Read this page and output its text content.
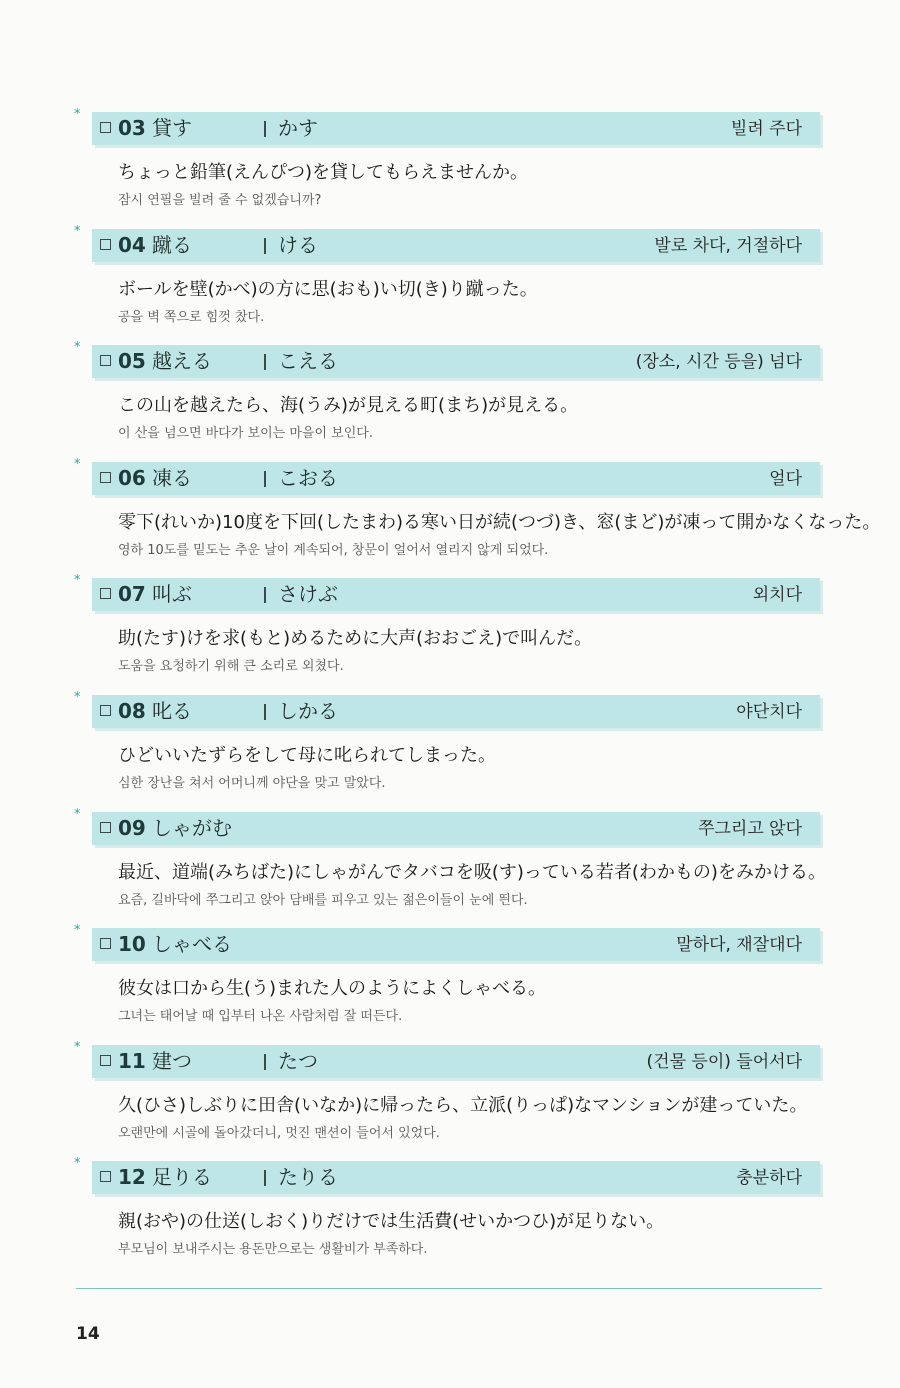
*
03 貸す	かす	빌려 주다
ちょっと鉛筆(えんぴつ)を貸してもらえませんか。
잠시 연필을 빌려 줄 수 없겠습니까?
*
04 蹴る	ける	발로 차다, 거절하다
ボールを壁(かべ)の方に思(おも)い切(き)り蹴った。
공을 벽 쪽으로 힘껏 찼다.
*
05 越える	こえる	(장소, 시간 등을) 넘다
この山を越えたら、海(うみ)が見える町(まち)が見える。
이 산을 넘으면 바다가 보이는 마을이 보인다.
*
06 凍る	こおる	얼다
零下(れいか)10度を下回(したまわ)る寒い日が続(つづ)き、窓(まど)が凍って開かなくなった。
영하 10도를 밑도는 추운 날이 계속되어, 창문이 얼어서 열리지 않게 되었다.
*
07 叫ぶ	さけぶ	외치다
助(たす)けを求(もと)めるために大声(おおごえ)で叫んだ。
도움을 요청하기 위해 큰 소리로 외쳤다.
*
08 叱る	しかる	야단치다
ひどいいたずらをして母に叱られてしまった。
심한 장난을 쳐서 어머니께 야단을 맞고 말았다.
*
09 しゃがむ	쭈그리고 앉다
最近、道端(みちばた)にしゃがんでタバコを吸(す)っている若者(わかもの)をみかける。
요즘, 길바닥에 쭈그리고 앉아 담배를 피우고 있는 젊은이들이 눈에 띈다.
*
10 しゃべる	말하다, 재잘대다
彼女は口から生(う)まれた人のようによくしゃべる。
그녀는 태어날 때 입부터 나온 사람처럼 잘 떠든다.
*
11 建つ	たつ	(건물 등이) 들어서다
久(ひさ)しぶりに田舎(いなか)に帰ったら、立派(りっぱ)なマンションが建っていた。
오랜만에 시골에 돌아갔더니, 멋진 맨션이 들어서 있었다.
*
12 足りる	たりる	충분하다
親(おや)の仕送(しおく)りだけでは生活費(せいかつひ)が足りない。
부모님이 보내주시는 용돈만으로는 생활비가 부족하다.
14
